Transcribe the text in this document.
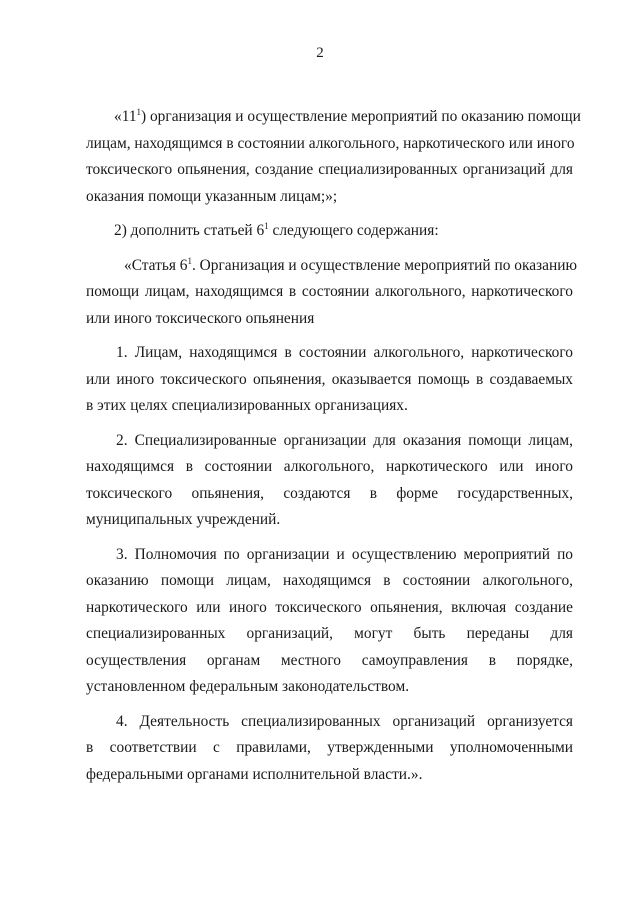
2
«$11^1$) организация и осуществление мероприятий по оказанию помощи
лицам, находящимся в состоянии алкогольного, наркотического или иного
токсического опьянения, создание специализированных организаций для
оказания помощи указанным лицам;»;
2) дополнить статьей $6^1$ следующего содержания:
«Статья $6^1$. Организация и осуществление мероприятий по оказанию
помощи лицам, находящимся в состоянии алкогольного, наркотического
или иного токсического опьянения
1. Лицам, находящимся в состоянии алкогольного, наркотического
или иного токсического опьянения, оказывается помощь в создаваемых
в этих целях специализированных организациях.
2. Специализированные организации для оказания помощи лицам,
находящимся в состоянии алкогольного, наркотического или иного
токсического опьянения, создаются в форме государственных,
муниципальных учреждений.
3. Полномочия по организации и осуществлению мероприятий по
оказанию помощи лицам, находящимся в состоянии алкогольного,
наркотического или иного токсического опьянения, включая создание
специализированных организаций, могут быть переданы для
осуществления органам местного самоуправления в порядке,
установленном федеральным законодательством.
4. Деятельность специализированных организаций организуется
в соответствии с правилами, утвержденными уполномоченными
федеральными органами исполнительной власти.».
